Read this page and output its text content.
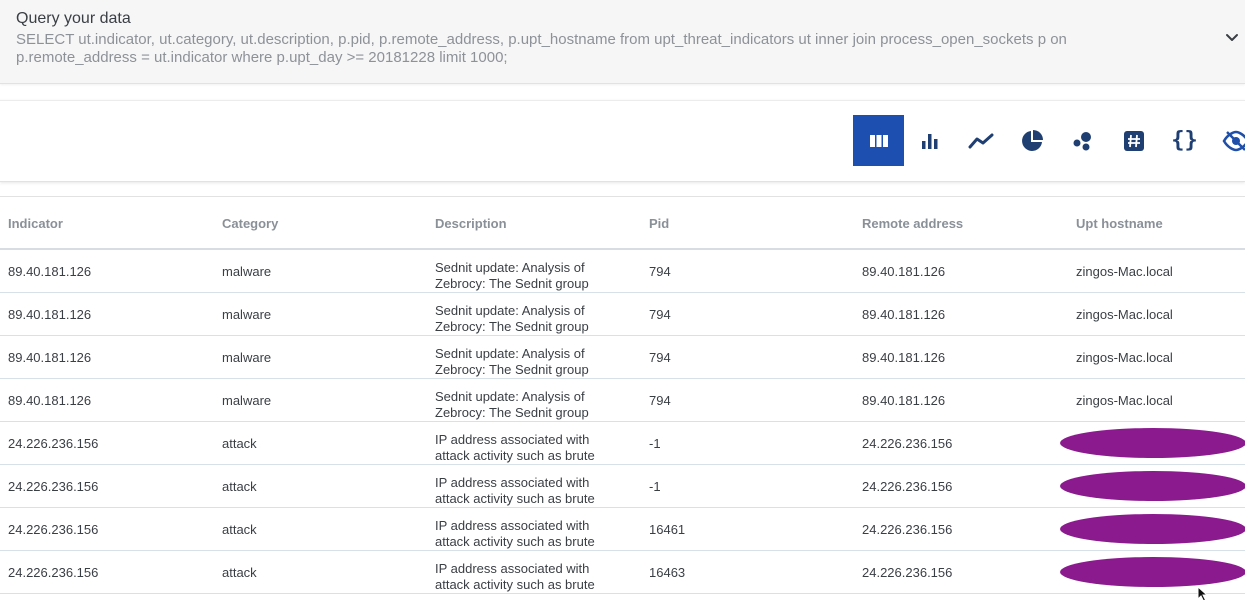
Query your data
SELECT ut.indicator, ut.category, ut.description, p.pid, p.remote_address, p.upt_hostname from upt_threat_indicators ut inner join process_open_sockets p on p.remote_address = ut.indicator where p.upt_day >= 20181228 limit 1000;
{}
Indicator	Category	Description	Pid	Remote address	Upt hostname
89.40.181.126	malware	Sednit update: Analysis of
Zebrocy: The Sednit group
794	89.40.181.126	zingos-Mac.local
89.40.181.126	malware	Sednit update: Analysis of
Zebrocy: The Sednit group
794	89.40.181.126	zingos-Mac.local
89.40.181.126	malware	Sednit update: Analysis of
Zebrocy: The Sednit group
794	89.40.181.126	zingos-Mac.local
89.40.181.126	malware	Sednit update: Analysis of
Zebrocy: The Sednit group
794	89.40.181.126	zingos-Mac.local
24.226.236.156	attack	IP address associated with
attack activity such as brute
-1	24.226.236.156
24.226.236.156	attack	IP address associated with
attack activity such as brute
-1	24.226.236.156
24.226.236.156	attack	IP address associated with
attack activity such as brute
16461	24.226.236.156
24.226.236.156	attack	IP address associated with
attack activity such as brute
16463	24.226.236.156
